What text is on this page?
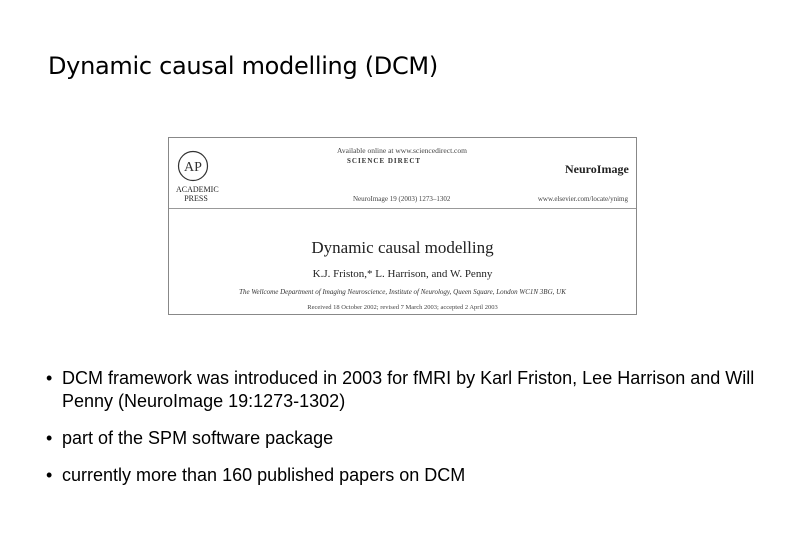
Dynamic causal modelling (DCM)
AP
ACADEMIC PRESS
Available online at www.sciencedirect.com
SCIENCE DIRECT
NeuroImage
NeuroImage 19 (2003) 1273–1302	www.elsevier.com/locate/ynimg
Dynamic causal modelling
K.J. Friston,* L. Harrison, and W. Penny
The Wellcome Department of Imaging Neuroscience, Institute of Neurology, Queen Square, London WC1N 3BG, UK
Received 18 October 2002; revised 7 March 2003; accepted 2 April 2003
• DCM framework was introduced in 2003 for fMRI by Karl Friston, Lee Harrison and Will Penny (NeuroImage 19:1273-1302)
• part of the SPM software package
• currently more than 160 published papers on DCM
